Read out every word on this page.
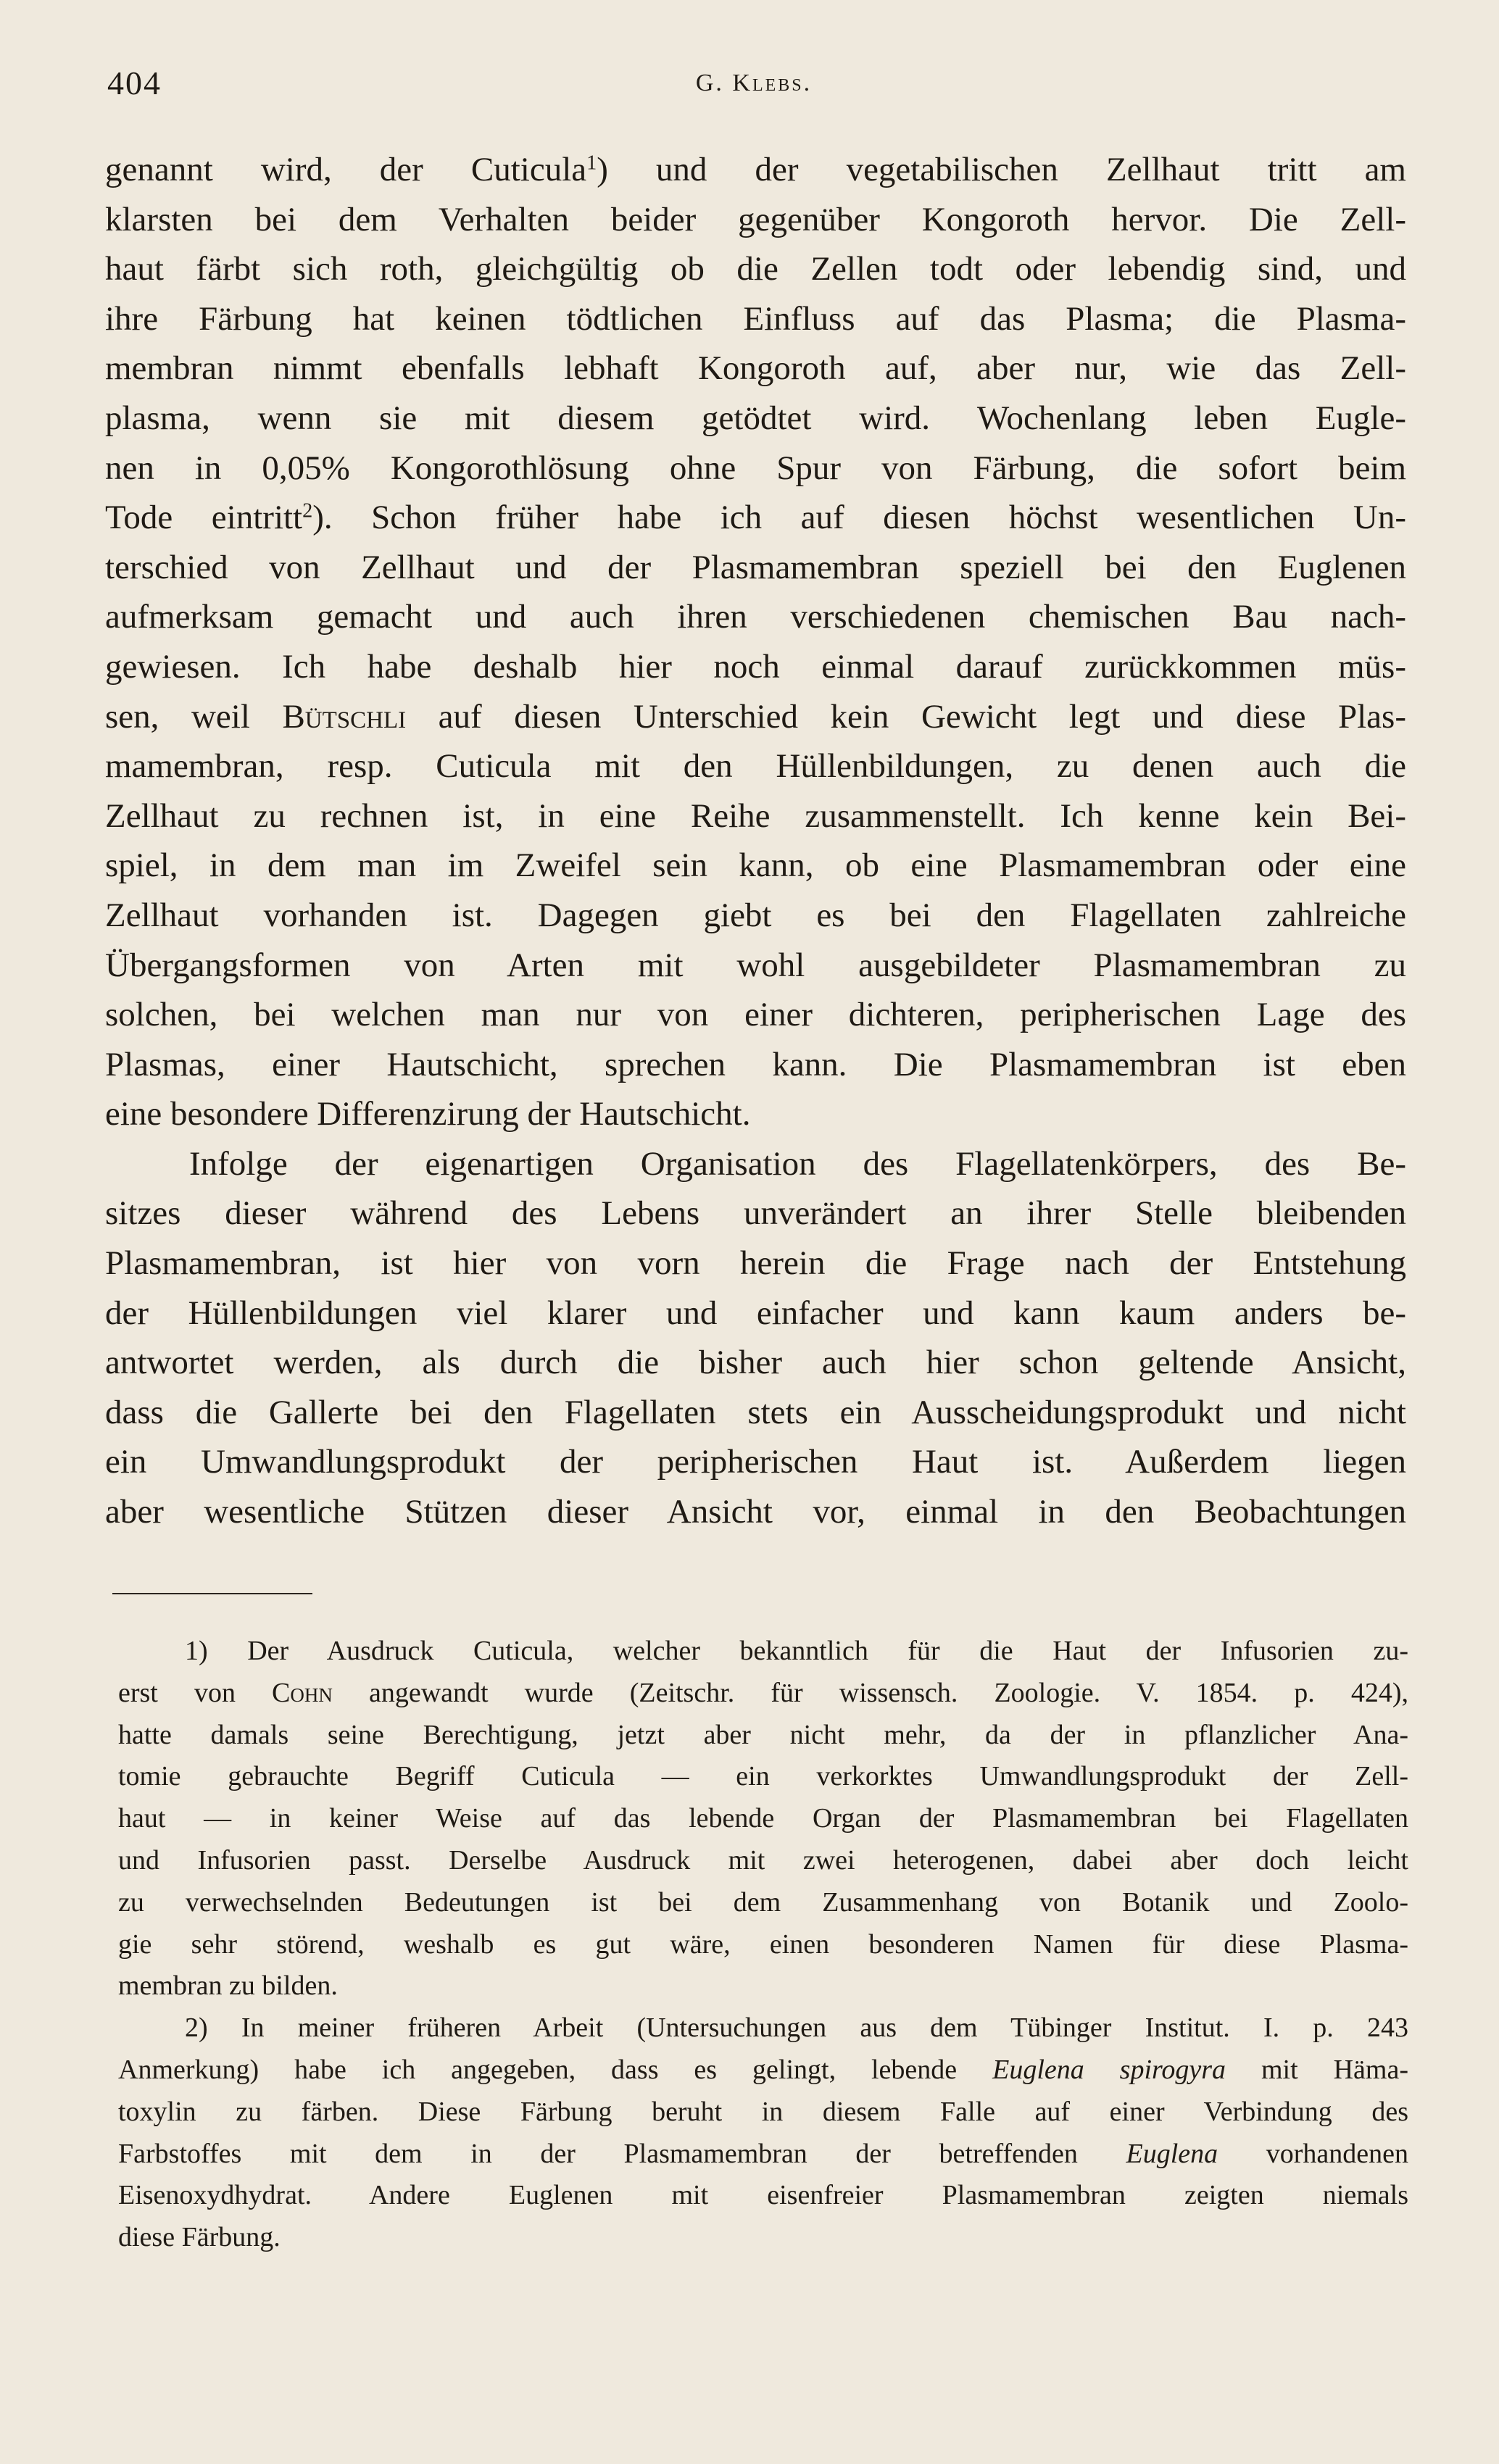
404	G. Klebs.
genannt wird, der Cuticula$^1$) und der vegetabilischen Zellhaut tritt am
klarsten bei dem Verhalten beider gegenüber Kongoroth hervor. Die Zell-
haut färbt sich roth, gleichgültig ob die Zellen todt oder lebendig sind, und
ihre Färbung hat keinen tödtlichen Einfluss auf das Plasma; die Plasma-
membran nimmt ebenfalls lebhaft Kongoroth auf, aber nur, wie das Zell-
plasma, wenn sie mit diesem getödtet wird. Wochenlang leben Eugle-
nen in 0,05% Kongorothlösung ohne Spur von Färbung, die sofort beim
Tode eintritt$^2$). Schon früher habe ich auf diesen höchst wesentlichen Un-
terschied von Zellhaut und der Plasmamembran speziell bei den Euglenen
aufmerksam gemacht und auch ihren verschiedenen chemischen Bau nach-
gewiesen. Ich habe deshalb hier noch einmal darauf zurückkommen müs-
sen, weil Bütschli auf diesen Unterschied kein Gewicht legt und diese Plas-
mamembran, resp. Cuticula mit den Hüllenbildungen, zu denen auch die
Zellhaut zu rechnen ist, in eine Reihe zusammenstellt. Ich kenne kein Bei-
spiel, in dem man im Zweifel sein kann, ob eine Plasmamembran oder eine
Zellhaut vorhanden ist. Dagegen giebt es bei den Flagellaten zahlreiche
Übergangsformen von Arten mit wohl ausgebildeter Plasmamembran zu
solchen, bei welchen man nur von einer dichteren, peripherischen Lage des
Plasmas, einer Hautschicht, sprechen kann. Die Plasmamembran ist eben
eine besondere Differenzirung der Hautschicht.
Infolge der eigenartigen Organisation des Flagellatenkörpers, des Be-
sitzes dieser während des Lebens unverändert an ihrer Stelle bleibenden
Plasmamembran, ist hier von vorn herein die Frage nach der Entstehung
der Hüllenbildungen viel klarer und einfacher und kann kaum anders be-
antwortet werden, als durch die bisher auch hier schon geltende Ansicht,
dass die Gallerte bei den Flagellaten stets ein Ausscheidungsprodukt und nicht
ein Umwandlungsprodukt der peripherischen Haut ist. Außerdem liegen
aber wesentliche Stützen dieser Ansicht vor, einmal in den Beobachtungen
1) Der Ausdruck Cuticula, welcher bekanntlich für die Haut der Infusorien zu-
erst von Cohn angewandt wurde (Zeitschr. für wissensch. Zoologie. V. 1854. p. 424),
hatte damals seine Berechtigung, jetzt aber nicht mehr, da der in pflanzlicher Ana-
tomie gebrauchte Begriff Cuticula — ein verkorktes Umwandlungsprodukt der Zell-
haut — in keiner Weise auf das lebende Organ der Plasmamembran bei Flagellaten
und Infusorien passt. Derselbe Ausdruck mit zwei heterogenen, dabei aber doch leicht
zu verwechselnden Bedeutungen ist bei dem Zusammenhang von Botanik und Zoolo-
gie sehr störend, weshalb es gut wäre, einen besonderen Namen für diese Plasma-
membran zu bilden.
2) In meiner früheren Arbeit (Untersuchungen aus dem Tübinger Institut. I. p. 243
Anmerkung) habe ich angegeben, dass es gelingt, lebende Euglena spirogyra mit Häma-
toxylin zu färben. Diese Färbung beruht in diesem Falle auf einer Verbindung des
Farbstoffes mit dem in der Plasmamembran der betreffenden Euglena vorhandenen
Eisenoxydhydrat. Andere Euglenen mit eisenfreier Plasmamembran zeigten niemals
diese Färbung.
